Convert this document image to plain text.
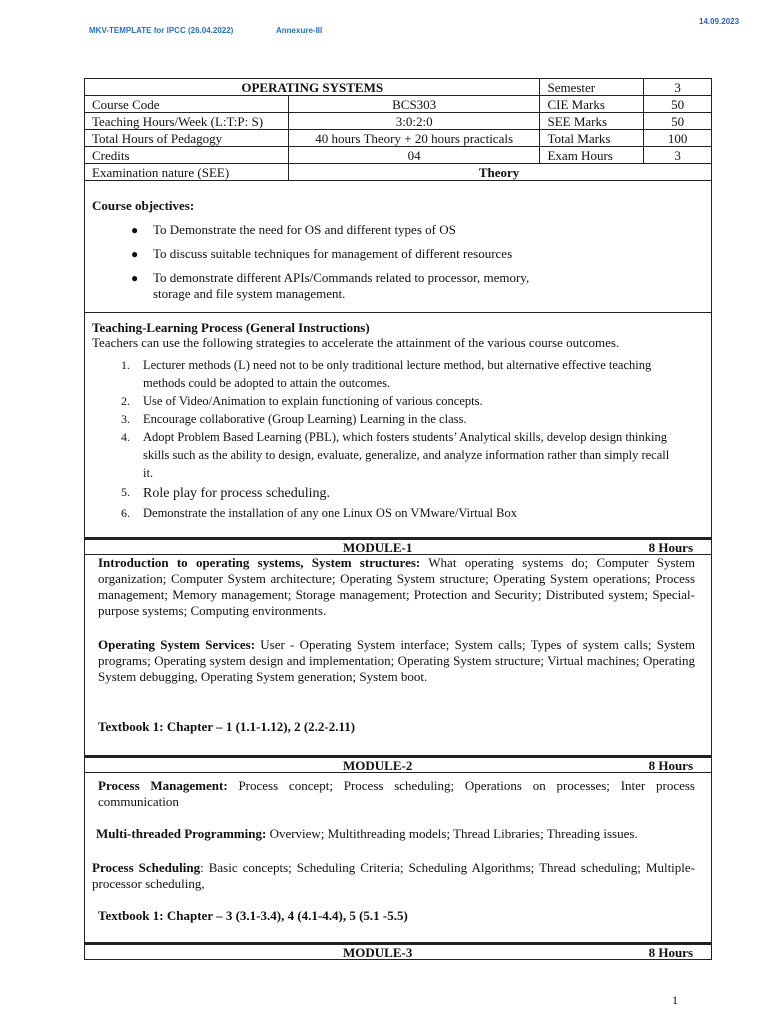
MKV-TEMPLATE for IPCC (26.04.2022)	Annexure-III
14.09.2023
OPERATING SYSTEMS		Semester	3
Course Code	BCS303	CIE Marks	50
Teaching Hours/Week (L:T:P: S)	3:0:2:0	SEE Marks	50
Total Hours of Pedagogy	40 hours Theory + 20 hours practicals	Total Marks	100
Credits	04	Exam Hours	3
Examination nature (SEE)	Theory		
Course objectives:
● To Demonstrate the need for OS and different types of OS
● To discuss suitable techniques for management of different resources
● To demonstrate different APIs/Commands related to processor, memory, storage and file system management.
Teaching-Learning Process (General Instructions)
Teachers can use the following strategies to accelerate the attainment of the various course outcomes.
1. Lecturer methods (L) need not to be only traditional lecture method, but alternative effective teaching methods could be adopted to attain the outcomes.
2. Use of Video/Animation to explain functioning of various concepts.
3. Encourage collaborative (Group Learning) Learning in the class.
4. Adopt Problem Based Learning (PBL), which fosters students’ Analytical skills, develop design thinking skills such as the ability to design, evaluate, generalize, and analyze information rather than simply recall it.
5. Role play for process scheduling.
6. Demonstrate the installation of any one Linux OS on VMware/Virtual Box
MODULE-1	8 Hours
Introduction to operating systems, System structures: What operating systems do; Computer System organization; Computer System architecture; Operating System structure; Operating System operations; Process management; Memory management; Storage management; Protection and Security; Distributed system; Special-purpose systems; Computing environments.
Operating System Services: User - Operating System interface; System calls; Types of system calls; System programs; Operating system design and implementation; Operating System structure; Virtual machines; Operating System debugging, Operating System generation; System boot.
Textbook 1: Chapter – 1 (1.1-1.12), 2 (2.2-2.11)
MODULE-2	8 Hours
Process Management: Process concept; Process scheduling; Operations on processes; Inter process communication
Multi-threaded Programming: Overview; Multithreading models; Thread Libraries; Threading issues.
Process Scheduling: Basic concepts; Scheduling Criteria; Scheduling Algorithms; Thread scheduling; Multiple-processor scheduling,
Textbook 1: Chapter – 3 (3.1-3.4), 4 (4.1-4.4), 5 (5.1 -5.5)
MODULE-3	8 Hours
1
